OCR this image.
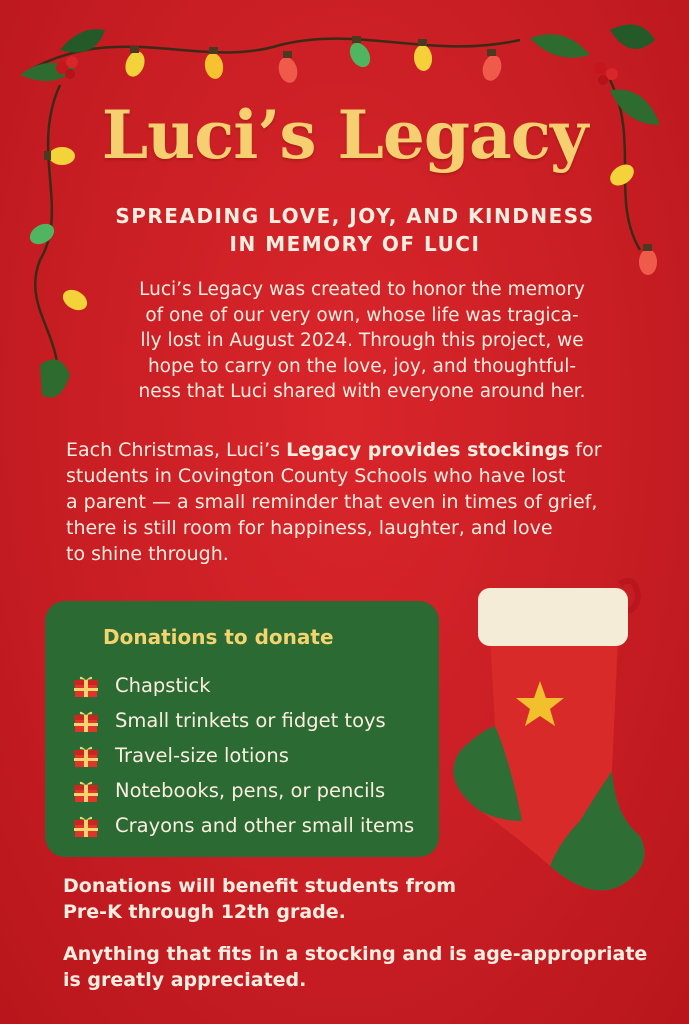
Luci’s Legacy
SPREADING LOVE, JOY, AND KINDNESS
IN MEMORY OF LUCI
Luci’s Legacy was created to honor the memory
of one of our very own, whose life was tragica-
lly lost in August 2024. Through this project, we
hope to carry on the love, joy, and thoughtful-
ness that Luci shared with everyone around her.
Each Christmas, Luci’s Legacy provides stockings for
students in Covington County Schools who have lost
a parent — a small reminder that even in times of grief,
there is still room for happiness, laughter, and love
to shine through.
Donations to donate
Chapstick
Small trinkets or fidget toys
Travel-size lotions
Notebooks, pens, or pencils
Crayons and other small items
Donations will benefit students from
Pre-K through 12th grade.
Anything that fits in a stocking and is age-appropriate
is greatly appreciated.
